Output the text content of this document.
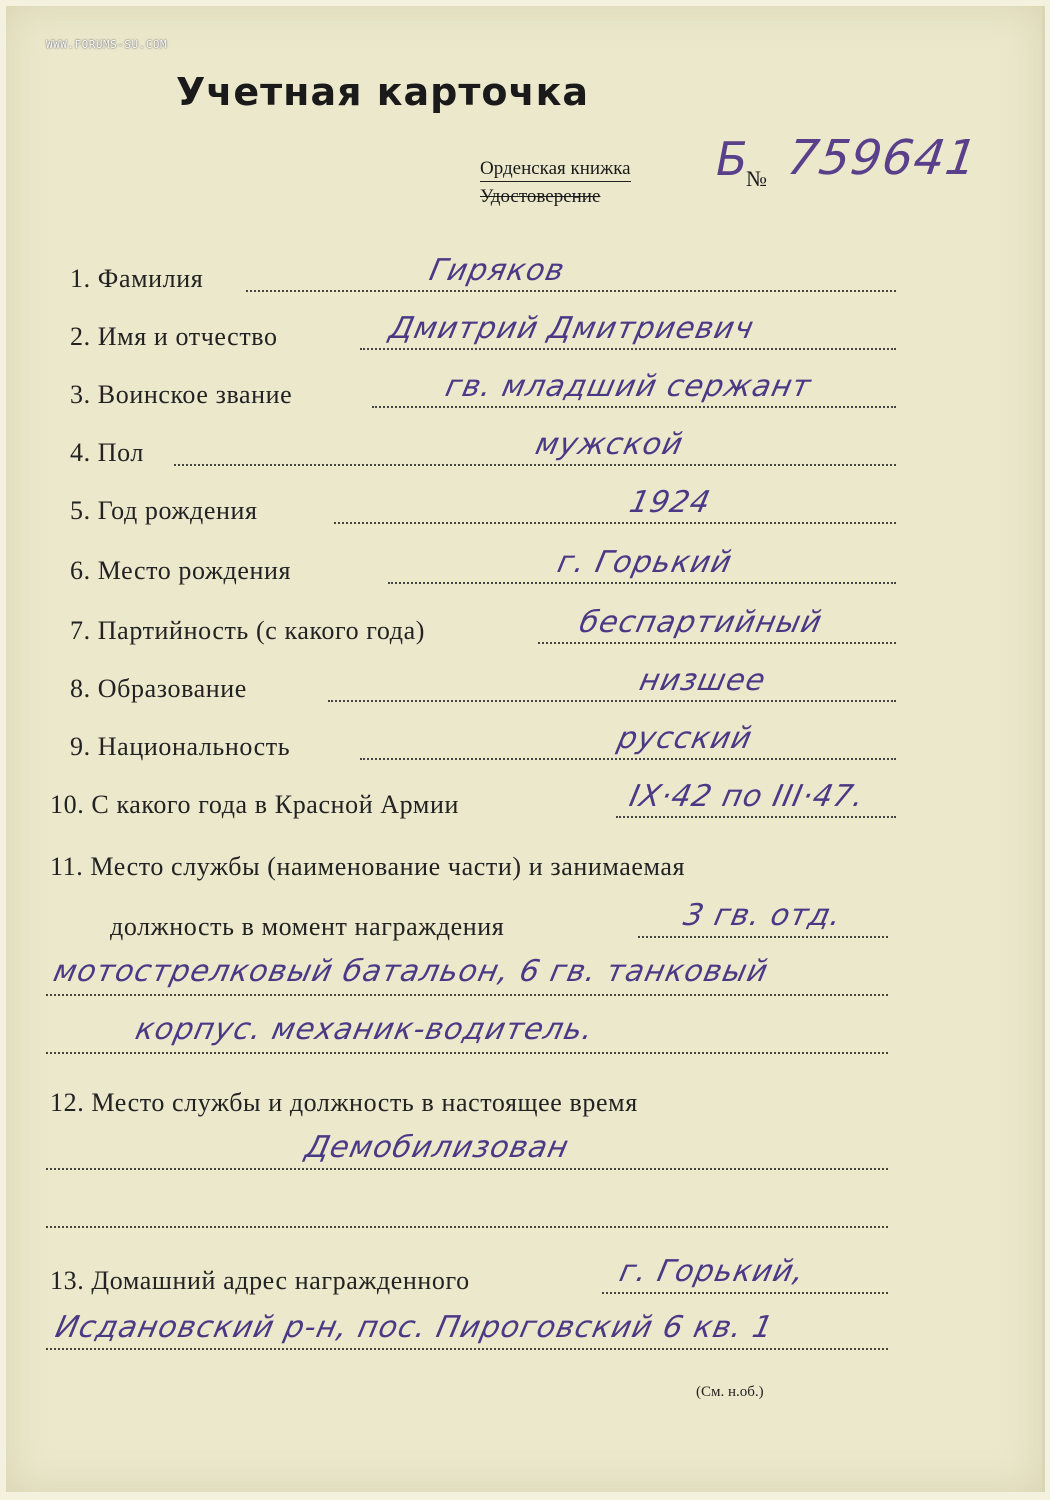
WWW.FORUMS-SU.COM
Учетная карточка
Орденская книжка
Удостоверение
Б
№ 759641
1. Фамилия	Гиряков
2. Имя и отчество	Дмитрий Дмитриевич
3. Воинское звание	гв. младший сержант
4. Пол	мужской
5. Год рождения	1924
6. Место рождения	г. Горький
7. Партийность (с какого года)	беспартийный
8. Образование	низшее
9. Национальность	русский
10. С какого года в Красной Армии	IX·42 по III·47.
11. Место службы (наименование части) и занимаемая
должность в момент награждения	3 гв. отд.
мотострелковый батальон, 6 гв. танковый
корпус. механик-водитель.
12. Место службы и должность в настоящее время
Демобилизован
13. Домашний адрес награжденного	г. Горький,
Исдановский р-н, пос. Пироговский 6 кв. 1
(См. н.об.)
